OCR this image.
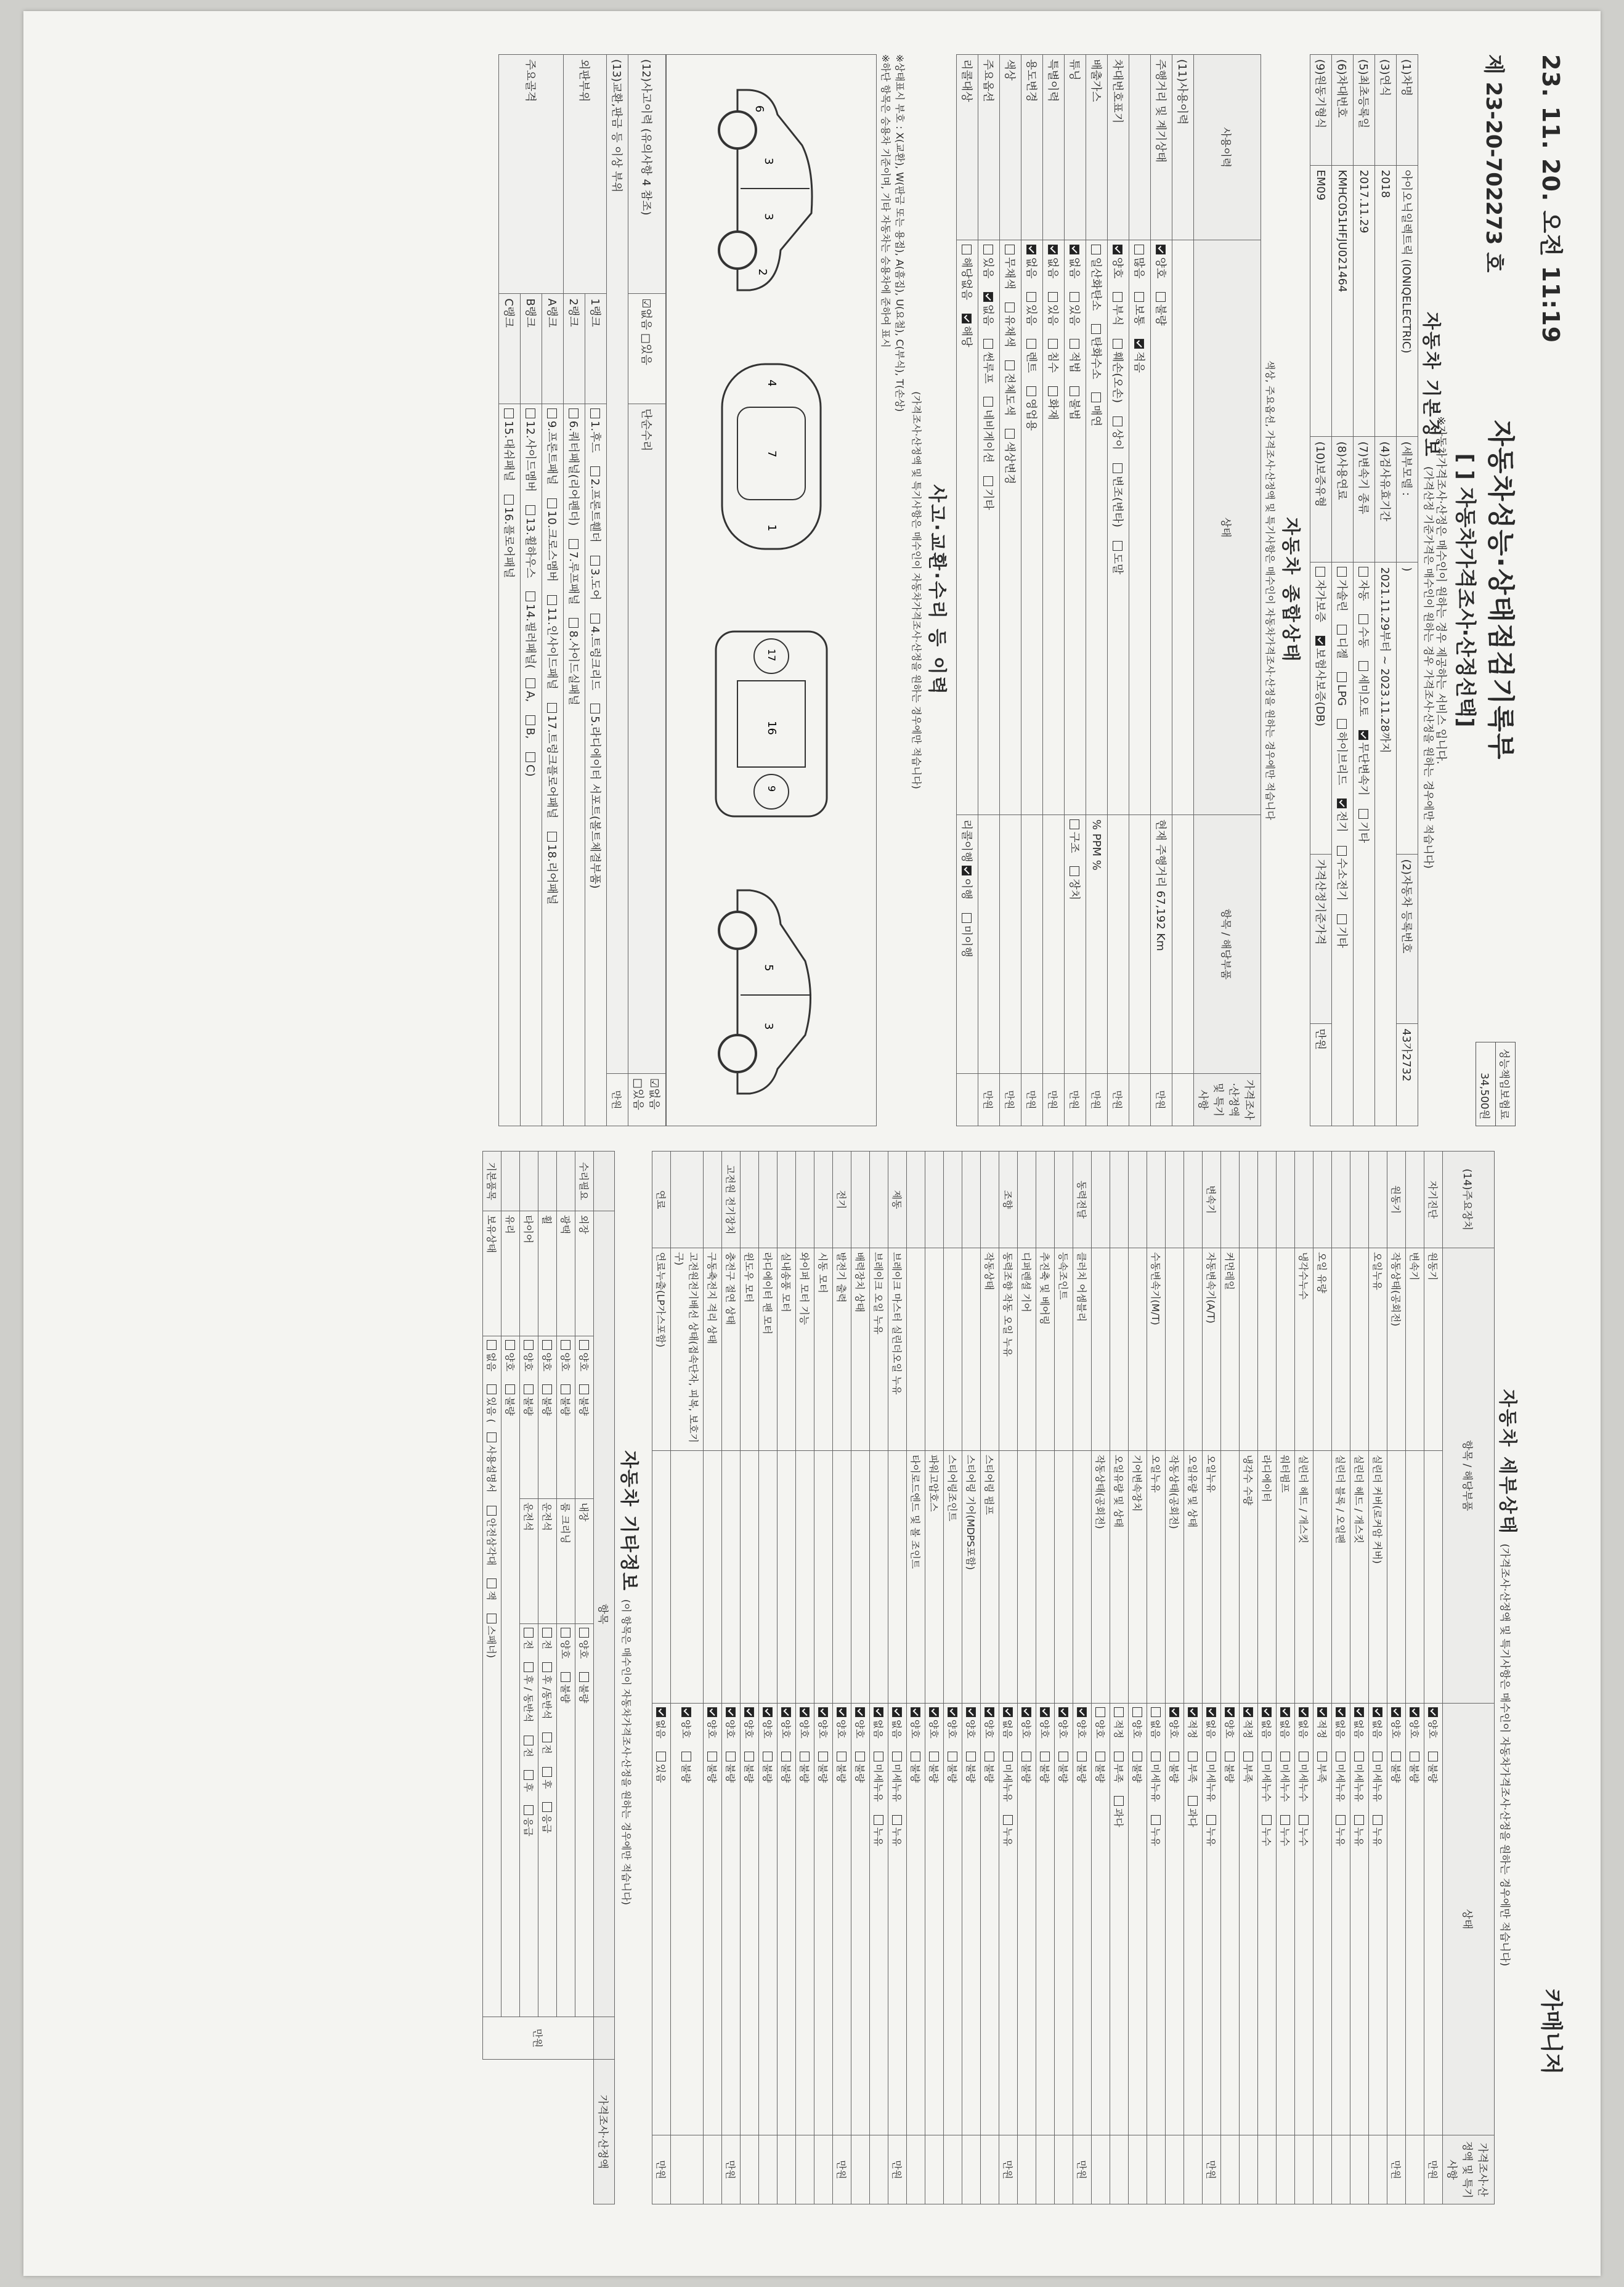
23. 11. 20. 오전 11:19
카매니저
제 23-20-702273 호
자동차성능·상태점검기록부
[ ] 자동차가격조사·산정선택]
※자동차가격조사·산정은 매수인이 원하는 경우 제공하는 서비스 입니다.
성능책임보험료
34,500원
자동차 기본정보 (가격산정 기준가격은 매수인이 원하는 경우 가격조사·산정을 원하는 경우에만 적습니다)
(1)차명	아이오닉일렉트릭 (IONIQELECTRIC)	(세부모델 :	)	(2)자동차 등록번호	43가2732
(3)연식	2018	(4)검사유효기간	2021.11.29부터 ~ 2023.11.28까지		
(5)최초등록일	2017.11.29	(7)변속기 종류	자동 수동 세미오토 무단변속기 기타		
(6)차대번호	KMHC051HFJU021464	(8)사용연료	가솔린 디젤 LPG 하이브리드 전기 수소전기 기타		
(9)원동기형식	EM09	(10)보증유형	자가보증 보험사보증(DB)	가격산정기준가격	만원
자동차 종합상태
색상, 주요옵션, 가격조사·산정액 및 특기사항은 매수인이 자동차가격조사·산정을 원하는 경우에만 적습니다
사용이력	상태	항목 / 해당부품	가격조사·산정액 및 특기사항
(11)사용이력			
주행거리 및 계기상태	양호 불량	현재 주행거리 67,192 Km	만원
	많음 보통 적음		
차대번호표기	양호 부식 훼손(오손) 상이 변조(변타) 도말		만원
배출가스	일산화탄소 탄화수소 매연	% PPM %	만원
튜닝	없음 있음 적법 불법	구조 장치	만원
특별이력	없음 있음 침수 화재		만원
용도변경	없음 있음 렌트 영업용		만원
색상	무채색 유채색 전체도색 색상변경		만원
주요옵션	있음 없음 썬루프 네비게이션 기타		만원
리콜대상	해당없음 해당	리콜이행 이행 미이행	
사고·교환·수리 등 이력
(가격조사·산정액 및 특기사항은 매수인이 자동차가격조사·산정을 원하는 경우에만 적습니다)
※상태표시 부호 : X(교환), W(판금 또는 용접), A(흠집), U(요철), C(부식), T(손상)
※하단 항목은 승용차 기준이며, 기타 자동차는 승용차에 준하여 표시
3
3
6
2
1
7
4
16
9
17
5
3
(12)사고이력 (유의사항 4 참조)	☑없음 □있음	단순수리	☑없음 □있음
(13)교환,판금 등 이상 부위			만원
외판부위	1랭크	1.후드 2.프론트휀더 3.도어 4.트렁크리드 5.라디에이터 서포트(볼트체결부품)	
	2랭크	6.쿼터패널(리어펜더) 7.루프패널 8.사이드실패널	
주요골격	A랭크	9.프론트패널 10.크로스멤버 11.인사이드패널 17.트렁크플로어패널 18.리어패널	
	B랭크	12.사이드멤버 13.휠하우스 14.필러패널(A, B, C)	
	C랭크	15.대쉬패널 16.플로어패널	
자동차 세부상태 (가격조사·산정액 및 특기사항은 매수인이 자동차가격조사·산정을 원하는 경우에만 적습니다)
(14)주요장치	항목 / 해당부품		상태	가격조사·산정액 및 특기사항
자기진단	원동기		양호 불량	만원
	변속기		양호 불량	
원동기	작동상태(공회전)		양호 불량	만원
	오일누유	실린더 커버(로커암 커버)	없음 미세누유 누유	
		실린더 헤드 / 개스킷	없음 미세누유 누유	
		실린더 블록 / 오일팬	없음 미세누유 누유	
	오일 유량		적정 부족	
	냉각수누수	실린더 헤드 / 개스킷	없음 미세누수 누수	
		워터펌프	없음 미세누수 누수	
		라디에이터	없음 미세누수 누수	
		냉각수 수량	적정 부족	
	커먼레일		양호 불량	
변속기	자동변속기(A/T)	오일누유	없음 미세누유 누유	만원
		오일유량 및 상태	적정 부족 과다	
		작동상태(공회전)	양호 불량	
	수동변속기(M/T)	오일누유	없음 미세누유 누유	
		기어변속장치	양호 불량	
		오일유량 및 상태	적정 부족 과다	
		작동상태(공회전)	양호 불량	
동력전달	클러치 어셈블리		양호 불량	만원
	등속조인트		양호 불량	
	추진축 및 베어링		양호 불량	
	디퍼렌셜 기어		양호 불량	
조향	동력조향 작동 오일 누유		없음 미세누유 누유	만원
	작동상태	스티어링 펌프	양호 불량	
		스티어링 기어(MDPS포함)	양호 불량	
		스티어링조인트	양호 불량	
		파워고압호스	양호 불량	
		타이로드엔드 및 볼 조인트	양호 불량	
제동	브레이크 마스터 실린더오일 누유		없음 미세누유 누유	만원
	브레이크 오일 누유		없음 미세누유 누유	
	배력장치 상태		양호 불량	
전기	발전기 출력		양호 불량	만원
	시동 모터		양호 불량	
	와이퍼 모터 기능		양호 불량	
	실내송풍 모터		양호 불량	
	라디에이터 팬 모터		양호 불량	
	윈도우 모터		양호 불량	
고전원 전기장치	충전구 절연 상태		양호 불량	만원
	구동축전지 격리 상태		양호 불량	
	고전원전기배선 상태(접속단자, 피복, 보호기구)		양호 불량	
연료	연료누출(LP가스포함)		없음 있음	만원
자동차 기타정보 (이 항목은 매수인이 자동차가격조사·산정을 원하는 경우에만 적습니다)
	항목					가격조사·산정액
수리필요	외장	양호 불량	내장	양호 불량	만원	
	광택	양호 불량	룸 크리닝	양호 불량		
	휠	양호 불량	운전석	전 후 /동반석 전 후 응급		
	타이어	양호 불량	운전석	전 후 / 동반석 전 후 응급		
	유리	양호 불량				
기본품목	보유상태	없음 있음 (사용설명서 안전삼각대 잭 스패너)				
